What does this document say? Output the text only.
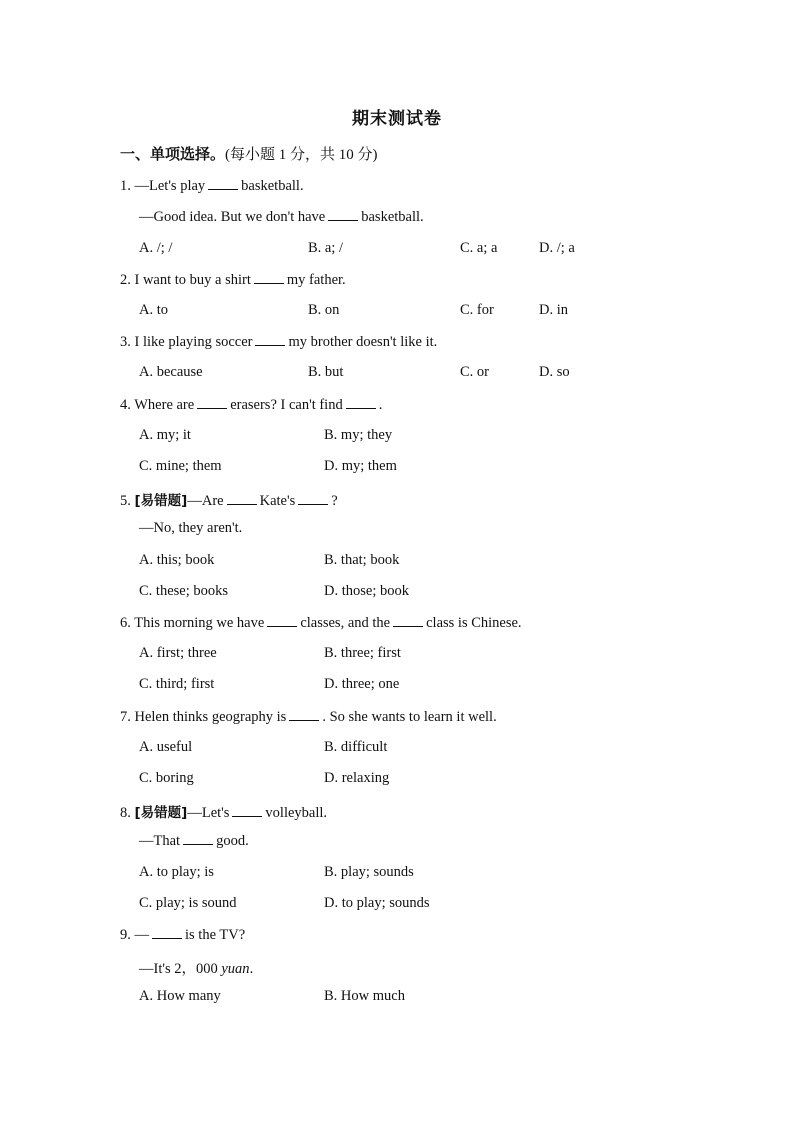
期末测试卷
一、单项选择。(每小题 1 分，共 10 分)
1. —Let's play basketball.
—Good idea. But we don't have basketball.
A. /; /	B. a; /	C. a; a	D. /; a
2. I want to buy a shirt my father.
A. to	B. on	C. for	D. in
3. I like playing soccer my brother doesn't like it.
A. because	B. but	C. or	D. so
4. Where are erasers? I can't find .
A. my; it	B. my; they
C. mine; them	D. my; them
5. [易错题]—Are Kate's ?
—No, they aren't.
A. this; book	B. that; book
C. these; books	D. those; book
6. This morning we have classes, and the class is Chinese.
A. first; three	B. three; first
C. third; first	D. three; one
7. Helen thinks geography is . So she wants to learn it well.
A. useful	B. difficult
C. boring	D. relaxing
8. [易错题]—Let's volleyball.
—That good.
A. to play; is	B. play; sounds
C. play; is sound	D. to play; sounds
9. — is the TV?
—It's 2，000 yuan.
A. How many	B. How much
